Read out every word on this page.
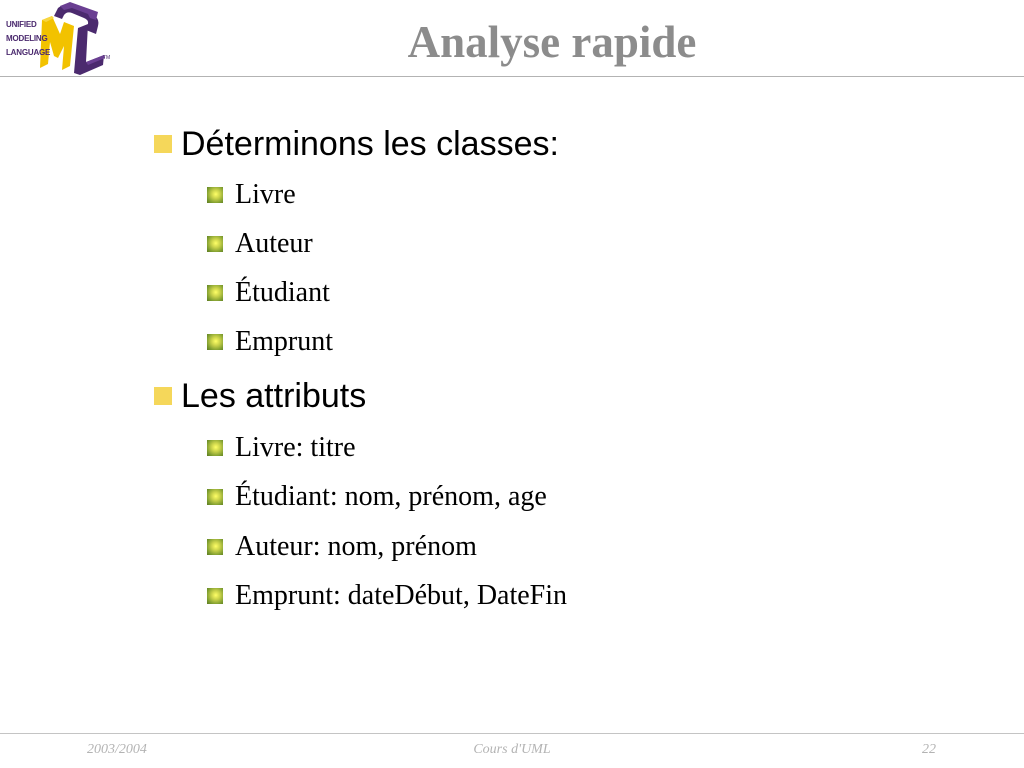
UNIFIED
MODELING
LANGUAGE
TM	Analyse rapide
Déterminons les classes:
Livre
Auteur
Étudiant
Emprunt
Les attributs
Livre: titre
Étudiant: nom, prénom, age
Auteur: nom, prénom
Emprunt: dateDébut, DateFin
2003/2004	Cours d'UML	22
